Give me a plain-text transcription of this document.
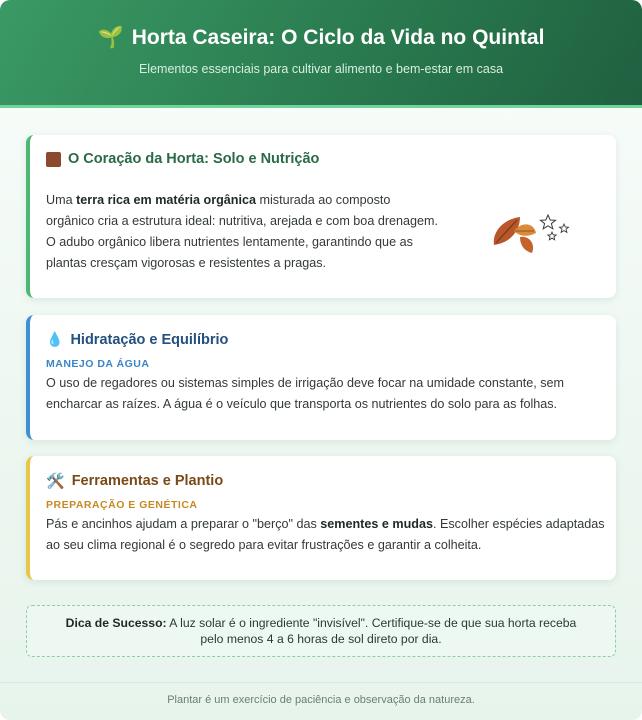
🌱 Horta Caseira: O Ciclo da Vida no Quintal
Elementos essenciais para cultivar alimento e bem-estar em casa
O Coração da Horta: Solo e Nutrição

Uma terra rica em matéria orgânica misturada ao composto orgânico cria a estrutura ideal: nutritiva, arejada e com boa drenagem. O adubo orgânico libera nutrientes lentamente, garantindo que as plantas cresçam vigorosas e resistentes a pragas.

💧 Hidratação e Equilíbrio
MANEJO DA ÁGUA

O uso de regadores ou sistemas simples de irrigação deve focar na umidade constante, sem encharcar as raízes. A água é o veículo que transporta os nutrientes do solo para as folhas.

🛠️ Ferramentas e Plantio
PREPARAÇÃO E GENÉTICA

Pás e ancinhos ajudam a preparar o "berço" das sementes e mudas. Escolher espécies adaptadas ao seu clima regional é o segredo para evitar frustrações e garantir a colheita.

Dica de Sucesso: A luz solar é o ingrediente "invisível". Certifique-se de que sua horta receba pelo menos 4 a 6 horas de sol direto por dia.
Plantar é um exercício de paciência e observação da natureza.
